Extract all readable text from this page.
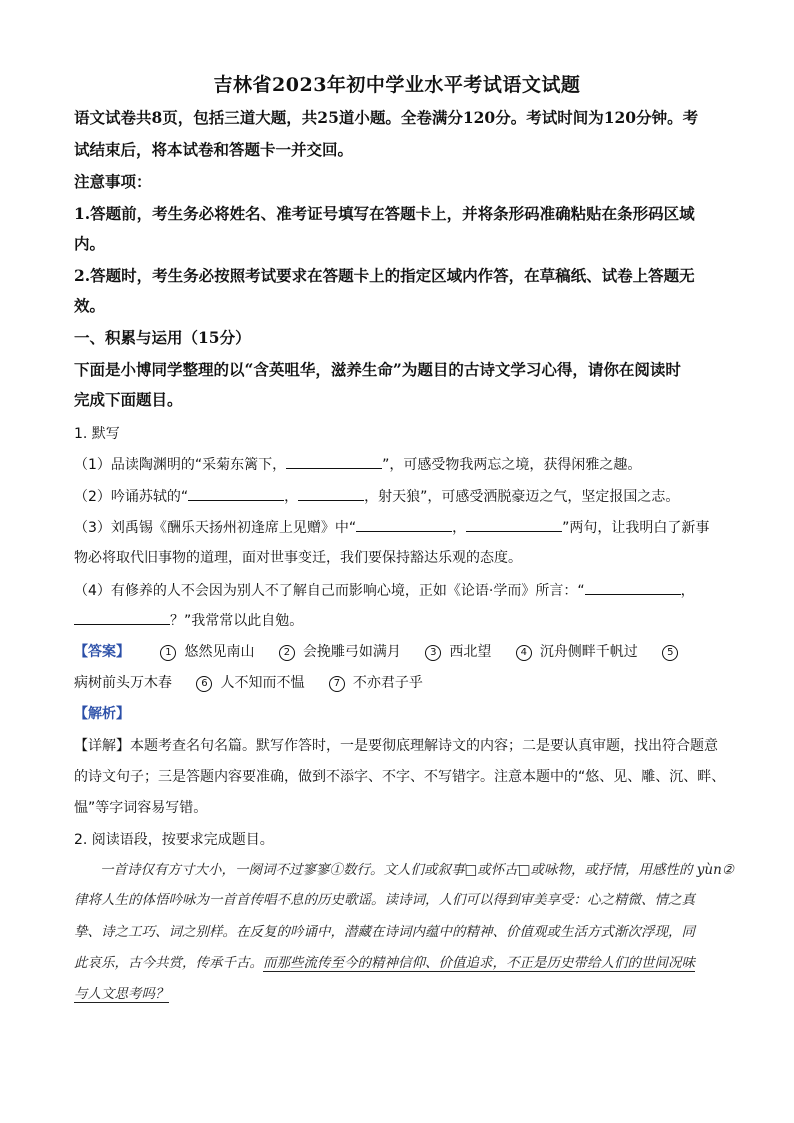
吉林省2023年初中学业水平考试语文试题
语文试卷共8页，包括三道大题，共25道小题。全卷满分120分。考试时间为120分钟。考
试结束后，将本试卷和答题卡一并交回。
注意事项：
1.答题前，考生务必将姓名、准考证号填写在答题卡上，并将条形码准确粘贴在条形码区域
内。
2.答题时，考生务必按照考试要求在答题卡上的指定区域内作答，在草稿纸、试卷上答题无
效。
一、积累与运用（15分）
下面是小博同学整理的以“含英咀华，滋养生命”为题目的古诗文学习心得，请你在阅读时
完成下面题目。
1. 默写
（1）品读陶渊明的“采菊东篱下，	”，可感受物我两忘之境，获得闲雅之趣。
（2）吟诵苏轼的“	，	，射天狼”，可感受洒脱豪迈之气，坚定报国之志。
（3）刘禹锡《酬乐天扬州初逢席上见赠》中“	，	”两句，让我明白了新事
物必将取代旧事物的道理，面对世事变迁，我们要保持豁达乐观的态度。
（4）有修养的人不会因为别人不了解自己而影响心境，正如《论语·学而》所言：“	，
？”我常常以此自勉。
【答案】	1 悠然见南山	2 会挽雕弓如满月	3 西北望	4 沉舟侧畔千帆过	5
病树前头万木春	6 人不知而不愠	7 不亦君子乎
【解析】
【详解】本题考查名句名篇。默写作答时，一是要彻底理解诗文的内容；二是要认真审题，找出符合题意
的诗文句子；三是答题内容要准确，做到不添字、不字、不写错字。注意本题中的“悠、见、雕、沉、畔、
愠”等字词容易写错。
2. 阅读语段，按要求完成题目。
一首诗仅有方寸大小，一阕词不过寥寥①数行。文人们或叙事□或怀古□或咏物，或抒情，用感性的 yùn②
律将人生的体悟吟咏为一首首传唱不息的历史歌谣。读诗词，人们可以得到审美享受：心之精微、情之真
挚、诗之工巧、词之别样。在反复的吟诵中，潜藏在诗词内蕴中的精神、价值观或生活方式渐次浮现，同
此哀乐，古今共赏，传承千古。而那些流传至今的精神信仰、价值追求，不正是历史带给人们的世间况味
与人文思考吗？
